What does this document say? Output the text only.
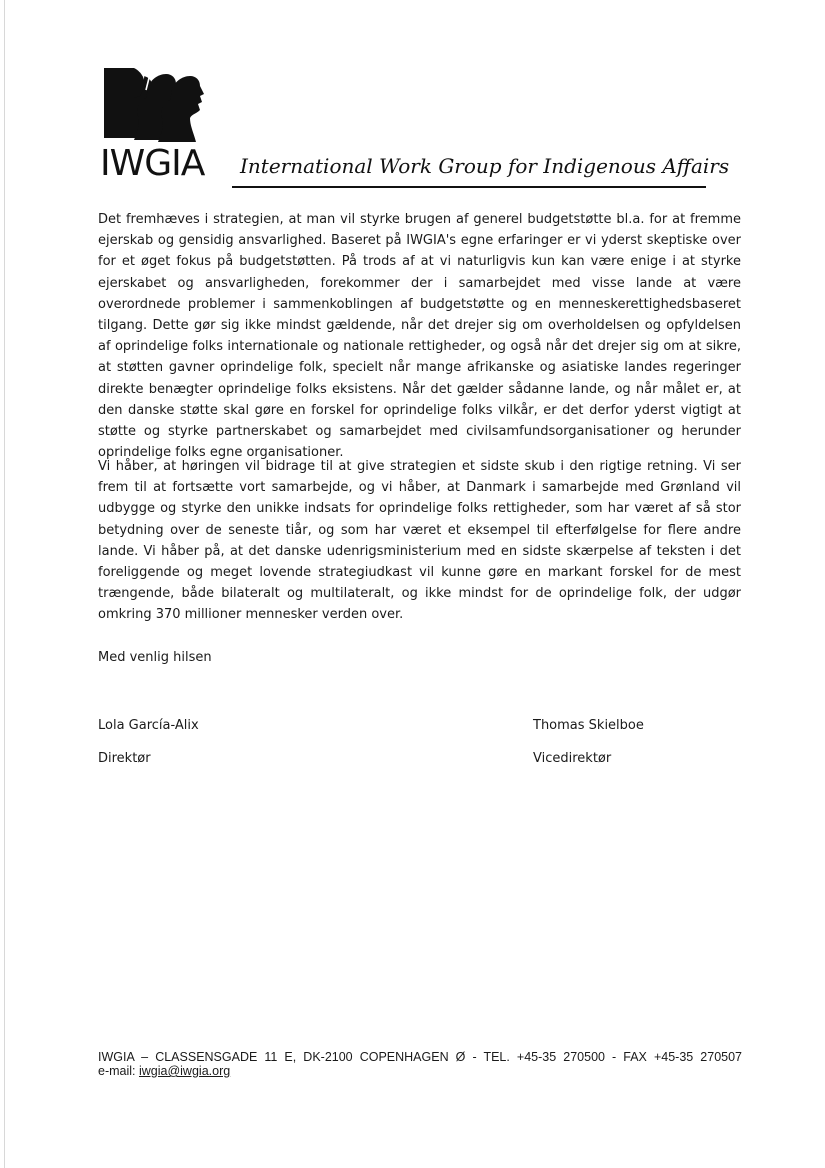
IWGIA International Work Group for Indigenous Affairs
Det fremhæves i strategien, at man vil styrke brugen af generel budgetstøtte bl.a. for at fremme ejerskab og gensidig ansvarlighed. Baseret på IWGIA's egne erfaringer er vi yderst skeptiske over for et øget fokus på budgetstøtten. På trods af at vi naturligvis kun kan være enige i at styrke ejerskabet og ansvarligheden, forekommer der i samarbejdet med visse lande at være overordnede problemer i sammenkoblingen af budgetstøtte og en menneskerettighedsbaseret tilgang. Dette gør sig ikke mindst gældende, når det drejer sig om overholdelsen og opfyldelsen af oprindelige folks internationale og nationale rettigheder, og også når det drejer sig om at sikre, at støtten gavner oprindelige folk, specielt når mange afrikanske og asiatiske landes regeringer direkte benægter oprindelige folks eksistens. Når det gælder sådanne lande, og når målet er, at den danske støtte skal gøre en forskel for oprindelige folks vilkår, er det derfor yderst vigtigt at støtte og styrke partnerskabet og samarbejdet med civilsamfundsorganisationer og herunder oprindelige folks egne organisationer.
Vi håber, at høringen vil bidrage til at give strategien et sidste skub i den rigtige retning. Vi ser frem til at fortsætte vort samarbejde, og vi håber, at Danmark i samarbejde med Grønland vil udbygge og styrke den unikke indsats for oprindelige folks rettigheder, som har været af så stor betydning over de seneste tiår, og som har været et eksempel til efterfølgelse for flere andre lande. Vi håber på, at det danske udenrigsministerium med en sidste skærpelse af teksten i det foreliggende og meget lovende strategiudkast vil kunne gøre en markant forskel for de mest trængende, både bilateralt og multilateralt, og ikke mindst for de oprindelige folk, der udgør omkring 370 millioner mennesker verden over.
Med venlig hilsen
Lola García-Alix
Direktør
Thomas Skielboe
Vicedirektør
IWGIA – CLASSENSGADE 11 E, DK-2100 COPENHAGEN Ø - TEL. +45-35 270500 - FAX +45-35 270507
e-mail: iwgia@iwgia.org
